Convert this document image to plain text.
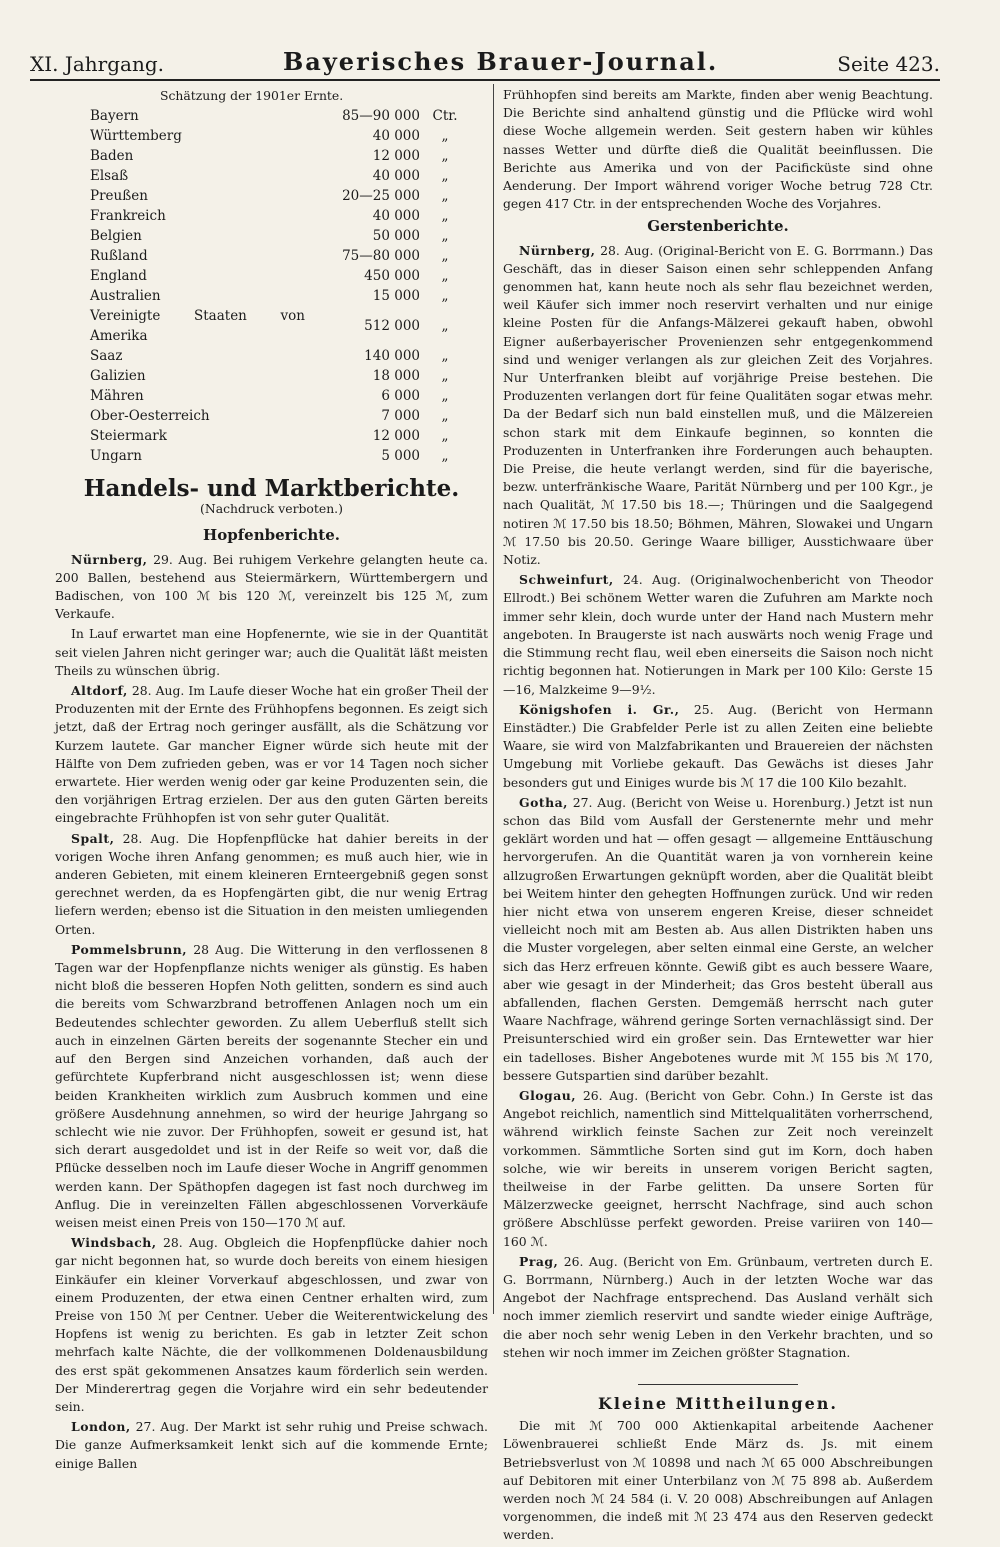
XI. Jahrgang.	Bayerisches Brauer-Journal.	Seite 423.
Schätzung der 1901er Ernte.
Bayern	85—90 000	Ctr.
Württemberg	40 000	„
Baden	12 000	„
Elsaß	40 000	„
Preußen	20—25 000	„
Frankreich	40 000	„
Belgien	50 000	„
Rußland	75—80 000	„
England	450 000	„
Australien	15 000	„
Vereinigte Staaten von Amerika	512 000	„
Saaz	140 000	„
Galizien	18 000	„
Mähren	6 000	„
Ober-Oesterreich	7 000	„
Steiermark	12 000	„
Ungarn	5 000	„
Handels- und Marktberichte.
(Nachdruck verboten.)
Hopfenberichte.

Nürnberg, 29. Aug. Bei ruhigem Verkehre gelangten heute ca. 200 Ballen, bestehend aus Steiermärkern, Württembergern und Badischen, von 100 ℳ bis 120 ℳ, vereinzelt bis 125 ℳ, zum Verkaufe.

In Lauf erwartet man eine Hopfenernte, wie sie in der Quantität seit vielen Jahren nicht geringer war; auch die Qualität läßt meisten Theils zu wünschen übrig.

Altdorf, 28. Aug. Im Laufe dieser Woche hat ein großer Theil der Produzenten mit der Ernte des Frühhopfens begonnen. Es zeigt sich jetzt, daß der Ertrag noch geringer ausfällt, als die Schätzung vor Kurzem lautete. Gar mancher Eigner würde sich heute mit der Hälfte von Dem zufrieden geben, was er vor 14 Tagen noch sicher erwartete. Hier werden wenig oder gar keine Produzenten sein, die den vorjährigen Ertrag erzielen. Der aus den guten Gärten bereits eingebrachte Frühhopfen ist von sehr guter Qualität.

Spalt, 28. Aug. Die Hopfenpflücke hat dahier bereits in der vorigen Woche ihren Anfang genommen; es muß auch hier, wie in anderen Gebieten, mit einem kleineren Ernteergebniß gegen sonst gerechnet werden, da es Hopfengärten gibt, die nur wenig Ertrag liefern werden; ebenso ist die Situation in den meisten umliegenden Orten.

Pommelsbrunn, 28 Aug. Die Witterung in den verflossenen 8 Tagen war der Hopfenpflanze nichts weniger als günstig. Es haben nicht bloß die besseren Hopfen Noth gelitten, sondern es sind auch die bereits vom Schwarzbrand betroffenen Anlagen noch um ein Bedeutendes schlechter geworden. Zu allem Ueberfluß stellt sich auch in einzelnen Gärten bereits der sogenannte Stecher ein und auf den Bergen sind Anzeichen vorhanden, daß auch der gefürchtete Kupferbrand nicht ausgeschlossen ist; wenn diese beiden Krankheiten wirklich zum Ausbruch kommen und eine größere Ausdehnung annehmen, so wird der heurige Jahrgang so schlecht wie nie zuvor. Der Frühhopfen, soweit er gesund ist, hat sich derart ausgedoldet und ist in der Reife so weit vor, daß die Pflücke desselben noch im Laufe dieser Woche in Angriff genommen werden kann. Der Späthopfen dagegen ist fast noch durchweg im Anflug. Die in vereinzelten Fällen abgeschlossenen Vorverkäufe weisen meist einen Preis von 150—170 ℳ auf.

Windsbach, 28. Aug. Obgleich die Hopfenpflücke dahier noch gar nicht begonnen hat, so wurde doch bereits von einem hiesigen Einkäufer ein kleiner Vorverkauf abgeschlossen, und zwar von einem Produzenten, der etwa einen Centner erhalten wird, zum Preise von 150 ℳ per Centner. Ueber die Weiterentwickelung des Hopfens ist wenig zu berichten. Es gab in letzter Zeit schon mehrfach kalte Nächte, die der vollkommenen Doldenausbildung des erst spät gekommenen Ansatzes kaum förderlich sein werden. Der Minderertrag gegen die Vorjahre wird ein sehr bedeutender sein.

London, 27. Aug. Der Markt ist sehr ruhig und Preise schwach. Die ganze Aufmerksamkeit lenkt sich auf die kommende Ernte; einige Ballen

Frühhopfen sind bereits am Markte, finden aber wenig Beachtung. Die Berichte sind anhaltend günstig und die Pflücke wird wohl diese Woche allgemein werden. Seit gestern haben wir kühles nasses Wetter und dürfte dieß die Qualität beeinflussen. Die Berichte aus Amerika und von der Pacificküste sind ohne Aenderung. Der Import während voriger Woche betrug 728 Ctr. gegen 417 Ctr. in der entsprechenden Woche des Vorjahres.

Gerstenberichte.

Nürnberg, 28. Aug. (Original-Bericht von E. G. Borrmann.) Das Geschäft, das in dieser Saison einen sehr schleppenden Anfang genommen hat, kann heute noch als sehr flau bezeichnet werden, weil Käufer sich immer noch reservirt verhalten und nur einige kleine Posten für die Anfangs-Mälzerei gekauft haben, obwohl Eigner außerbayerischer Provenienzen sehr entgegenkommend sind und weniger verlangen als zur gleichen Zeit des Vorjahres. Nur Unterfranken bleibt auf vorjährige Preise bestehen. Die Produzenten verlangen dort für feine Qualitäten sogar etwas mehr. Da der Bedarf sich nun bald einstellen muß, und die Mälzereien schon stark mit dem Einkaufe beginnen, so konnten die Produzenten in Unterfranken ihre Forderungen auch behaupten. Die Preise, die heute verlangt werden, sind für die bayerische, bezw. unterfränkische Waare, Parität Nürnberg und per 100 Kgr., je nach Qualität, ℳ 17.50 bis 18.—; Thüringen und die Saalgegend notiren ℳ 17.50 bis 18.50; Böhmen, Mähren, Slowakei und Ungarn ℳ 17.50 bis 20.50. Geringe Waare billiger, Ausstichwaare über Notiz.

Schweinfurt, 24. Aug. (Originalwochenbericht von Theodor Ellrodt.) Bei schönem Wetter waren die Zufuhren am Markte noch immer sehr klein, doch wurde unter der Hand nach Mustern mehr angeboten. In Braugerste ist nach auswärts noch wenig Frage und die Stimmung recht flau, weil eben einerseits die Saison noch nicht richtig begonnen hat. Notierungen in Mark per 100 Kilo: Gerste 15—16, Malzkeime 9—9½.

Königshofen i. Gr., 25. Aug. (Bericht von Hermann Einstädter.) Die Grabfelder Perle ist zu allen Zeiten eine beliebte Waare, sie wird von Malzfabrikanten und Brauereien der nächsten Umgebung mit Vorliebe gekauft. Das Gewächs ist dieses Jahr besonders gut und Einiges wurde bis ℳ 17 die 100 Kilo bezahlt.

Gotha, 27. Aug. (Bericht von Weise u. Horenburg.) Jetzt ist nun schon das Bild vom Ausfall der Gerstenernte mehr und mehr geklärt worden und hat — offen gesagt — allgemeine Enttäuschung hervorgerufen. An die Quantität waren ja von vornherein keine allzugroßen Erwartungen geknüpft worden, aber die Qualität bleibt bei Weitem hinter den gehegten Hoffnungen zurück. Und wir reden hier nicht etwa von unserem engeren Kreise, dieser schneidet vielleicht noch mit am Besten ab. Aus allen Distrikten haben uns die Muster vorgelegen, aber selten einmal eine Gerste, an welcher sich das Herz erfreuen könnte. Gewiß gibt es auch bessere Waare, aber wie gesagt in der Minderheit; das Gros besteht überall aus abfallenden, flachen Gersten. Demgemäß herrscht nach guter Waare Nachfrage, während geringe Sorten vernachlässigt sind. Der Preisunterschied wird ein großer sein. Das Erntewetter war hier ein tadelloses. Bisher Angebotenes wurde mit ℳ 155 bis ℳ 170, bessere Gutspartien sind darüber bezahlt.

Glogau, 26. Aug. (Bericht von Gebr. Cohn.) In Gerste ist das Angebot reichlich, namentlich sind Mittelqualitäten vorherrschend, während wirklich feinste Sachen zur Zeit noch vereinzelt vorkommen. Sämmtliche Sorten sind gut im Korn, doch haben solche, wie wir bereits in unserem vorigen Bericht sagten, theilweise in der Farbe gelitten. Da unsere Sorten für Mälzerzwecke geeignet, herrscht Nachfrage, sind auch schon größere Abschlüsse perfekt geworden. Preise variiren von 140—160 ℳ.

Prag, 26. Aug. (Bericht von Em. Grünbaum, vertreten durch E. G. Borrmann, Nürnberg.) Auch in der letzten Woche war das Angebot der Nachfrage entsprechend. Das Ausland verhält sich noch immer ziemlich reservirt und sandte wieder einige Aufträge, die aber noch sehr wenig Leben in den Verkehr brachten, und so stehen wir noch immer im Zeichen größter Stagnation.

Kleine Mittheilungen.

Die mit ℳ 700 000 Aktienkapital arbeitende Aachener Löwenbrauerei schließt Ende März ds. Js. mit einem Betriebsverlust von ℳ 10898 und nach ℳ 65 000 Abschreibungen auf Debitoren mit einer Unterbilanz von ℳ 75 898 ab. Außerdem werden noch ℳ 24 584 (i. V. 20 008) Abschreibungen auf Anlagen vorgenommen, die indeß mit ℳ 23 474 aus den Reserven gedeckt werden.
